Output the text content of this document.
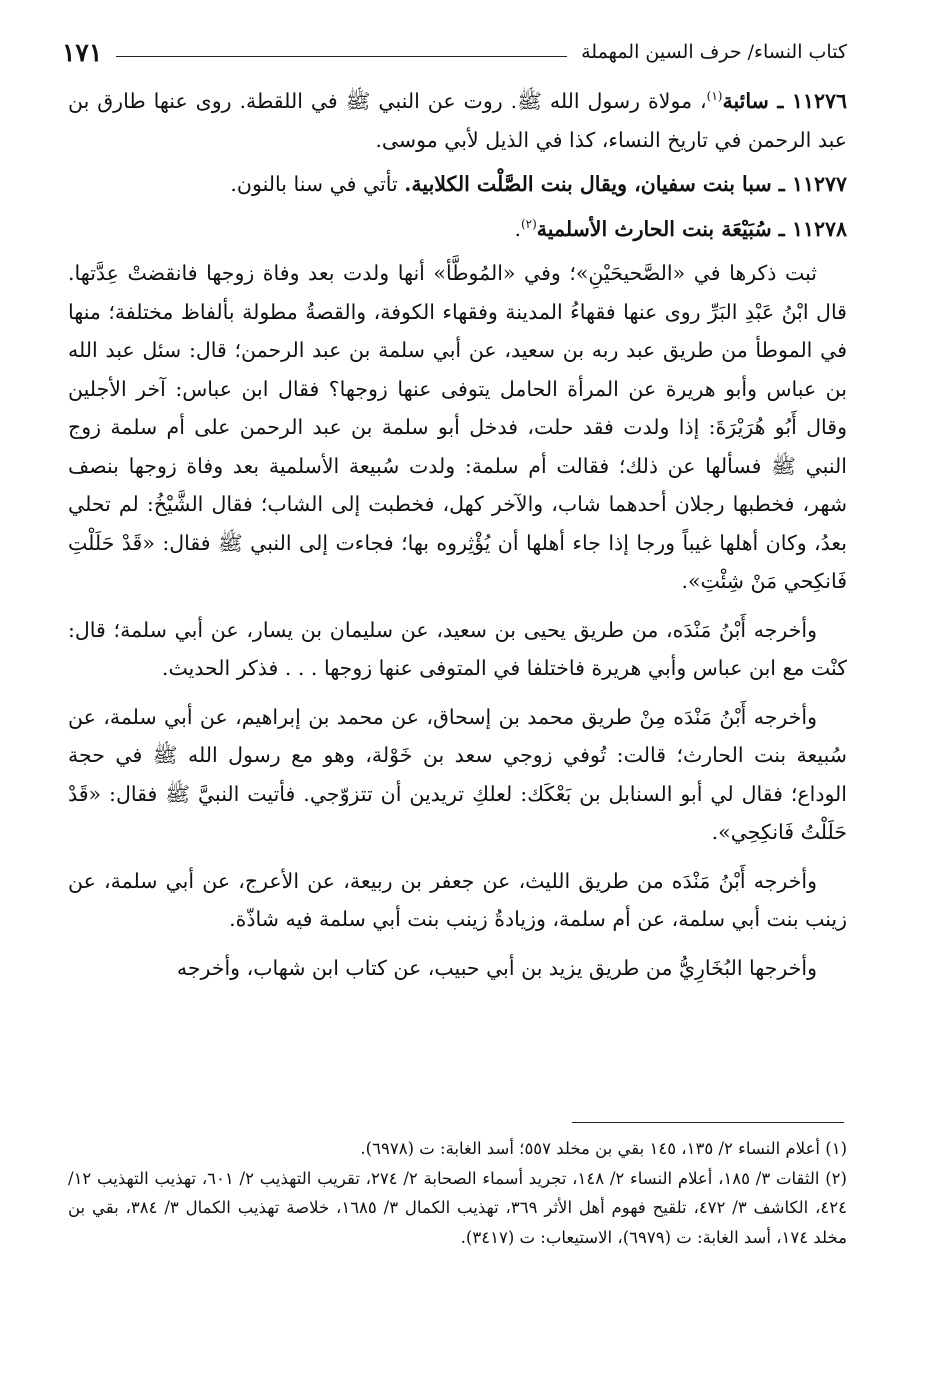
كتاب النساء/ حرف السين المهملة
١٧١

١١٢٧٦ ـ سائبة$^{(١)}$، مولاة رسول الله ﷺ. روت عن النبي ﷺ في اللقطة. روى عنها طارق بن عبد الرحمن في تاريخ النساء، كذا في الذيل لأبي موسى.

١١٢٧٧ ـ سبا بنت سفيان، ويقال بنت الصَّلْت الكلابية. تأتي في سنا بالنون.

١١٢٧٨ ـ سُبَيْعَة بنت الحارث الأسلمية$^{(٢)}$.

ثبت ذكرها في «الصَّحيحَيْنِ»؛ وفي «المُوطَّأ» أنها ولدت بعد وفاة زوجها فانقضتْ عِدَّتها. قال ابْنُ عَبْدِ البَرِّ روى عنها فقهاءُ المدينة وفقهاء الكوفة، والقصةُ مطولة بألفاظ مختلفة؛ منها في الموطأ من طريق عبد ربه بن سعيد، عن أبي سلمة بن عبد الرحمن؛ قال: سئل عبد الله بن عباس وأبو هريرة عن المرأة الحامل يتوفى عنها زوجها؟ فقال ابن عباس: آخر الأجلين وقال أَبُو هُرَيْرَةَ: إذا ولدت فقد حلت، فدخل أبو سلمة بن عبد الرحمن على أم سلمة زوج النبي ﷺ فسألها عن ذلك؛ فقالت أم سلمة: ولدت سُبيعة الأسلمية بعد وفاة زوجها بنصف شهر، فخطبها رجلان أحدهما شاب، والآخر كهل، فخطبت إلى الشاب؛ فقال الشَّيْخُ: لم تحلي بعدُ، وكان أهلها غيباً ورجا إذا جاء أهلها أن يُؤْثِروه بها؛ فجاءت إلى النبي ﷺ فقال: «قَدْ حَلَلْتِ فَانكِحي مَنْ شِئْتِ».

وأخرجه أَبْنُ مَنْدَه، من طريق يحيى بن سعيد، عن سليمان بن يسار، عن أبي سلمة؛ قال: كنْت مع ابن عباس وأبي هريرة فاختلفا في المتوفى عنها زوجها . . . فذكر الحديث.

وأخرجه أَبْنُ مَنْدَه مِنْ طريق محمد بن إسحاق، عن محمد بن إبراهيم، عن أبي سلمة، عن سُبيعة بنت الحارث؛ قالت: تُوفي زوجي سعد بن خَوْلة، وهو مع رسول الله ﷺ في حجة الوداع؛ فقال لي أبو السنابل بن بَعْكَك: لعلكِ تريدين أن تتزوّجي. فأتيت النبيَّ ﷺ فقال: «قَدْ حَلَلْتُ فَانكِحِي».

وأخرجه أَبْنُ مَنْدَه من طريق الليث، عن جعفر بن ربيعة، عن الأعرج، عن أبي سلمة، عن زينب بنت أبي سلمة، عن أم سلمة، وزيادةُ زينب بنت أبي سلمة فيه شاذّة.

وأخرجها البُخَارِيُّ من طريق يزيد بن أبي حبيب، عن كتاب ابن شهاب، وأخرجه

(١) أعلام النساء ٢/ ١٣٥، ١٤٥ بقي بن مخلد ٥٥٧؛ أسد الغابة: ت (٦٩٧٨).

(٢) الثقات ٣/ ١٨٥، أعلام النساء ٢/ ١٤٨، تجريد أسماء الصحابة ٢/ ٢٧٤، تقريب التهذيب ٢/ ٦٠١، تهذيب التهذيب ١٢/ ٤٢٤، الكاشف ٣/ ٤٧٢، تلقيح فهوم أهل الأثر ٣٦٩، تهذيب الكمال ٣/ ١٦٨٥، خلاصة تهذيب الكمال ٣/ ٣٨٤، بقي بن مخلد ١٧٤، أسد الغابة: ت (٦٩٧٩)، الاستيعاب: ت (٣٤١٧).
